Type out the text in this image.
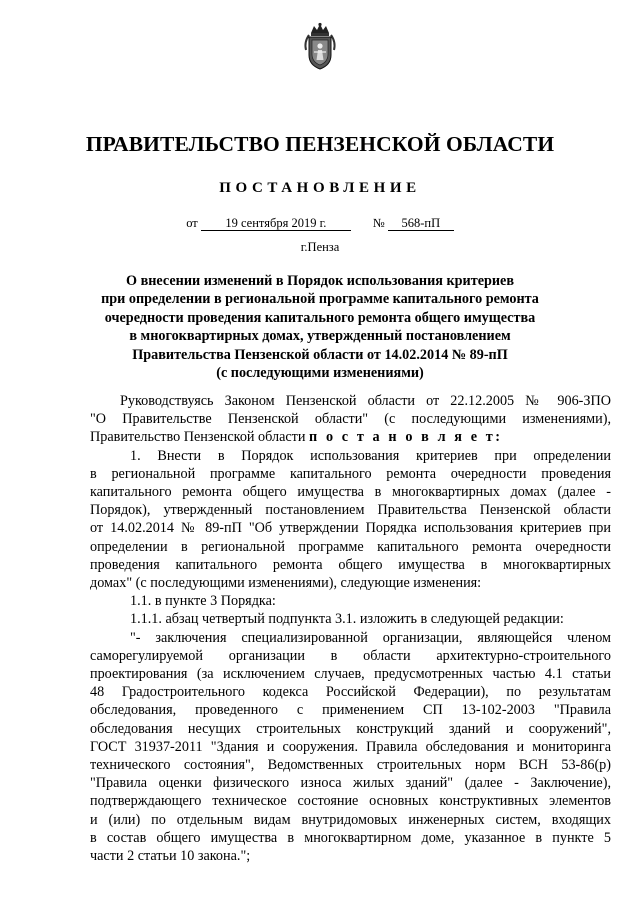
ПРАВИТЕЛЬСТВО ПЕНЗЕНСКОЙ ОБЛАСТИ
ПОСТАНОВЛЕНИЕ
от 19 сентября 2019 г.	№ 568-пП
г.Пенза
О внесении изменений в Порядок использования критериев
при определении в региональной программе капитального ремонта
очередности проведения капитального ремонта общего имущества
в многоквартирных домах, утвержденный постановлением
Правительства Пензенской области от 14.02.2014 № 89-пП
(с последующими изменениями)
Руководствуясь Законом Пензенской области от 22.12.2005 № 906-ЗПО
"О Правительстве Пензенской области" (с последующими изменениями),
Правительство Пензенской области п о с т а н о в л я е т:
1. Внести в Порядок использования критериев при определении
в региональной программе капитального ремонта очередности проведения
капитального ремонта общего имущества в многоквартирных домах (далее -
Порядок), утвержденный постановлением Правительства Пензенской области
от 14.02.2014 № 89-пП "Об утверждении Порядка использования критериев при
определении в региональной программе капитального ремонта очередности
проведения капитального ремонта общего имущества в многоквартирных
домах" (с последующими изменениями), следующие изменения:
1.1. в пункте 3 Порядка:
1.1.1. абзац четвертый подпункта 3.1. изложить в следующей редакции:
"- заключения специализированной организации, являющейся членом
саморегулируемой организации в области архитектурно-строительного
проектирования (за исключением случаев, предусмотренных частью 4.1 статьи
48 Градостроительного кодекса Российской Федерации), по результатам
обследования, проведенного с применением СП 13-102-2003 "Правила
обследования несущих строительных конструкций зданий и сооружений",
ГОСТ 31937-2011 "Здания и сооружения. Правила обследования и мониторинга
технического состояния", Ведомственных строительных норм ВСН 53-86(р)
"Правила оценки физического износа жилых зданий" (далее - Заключение),
подтверждающего техническое состояние основных конструктивных элементов
и (или) по отдельным видам внутридомовых инженерных систем, входящих
в состав общего имущества в многоквартирном доме, указанное в пункте 5
части 2 статьи 10 закона.";
